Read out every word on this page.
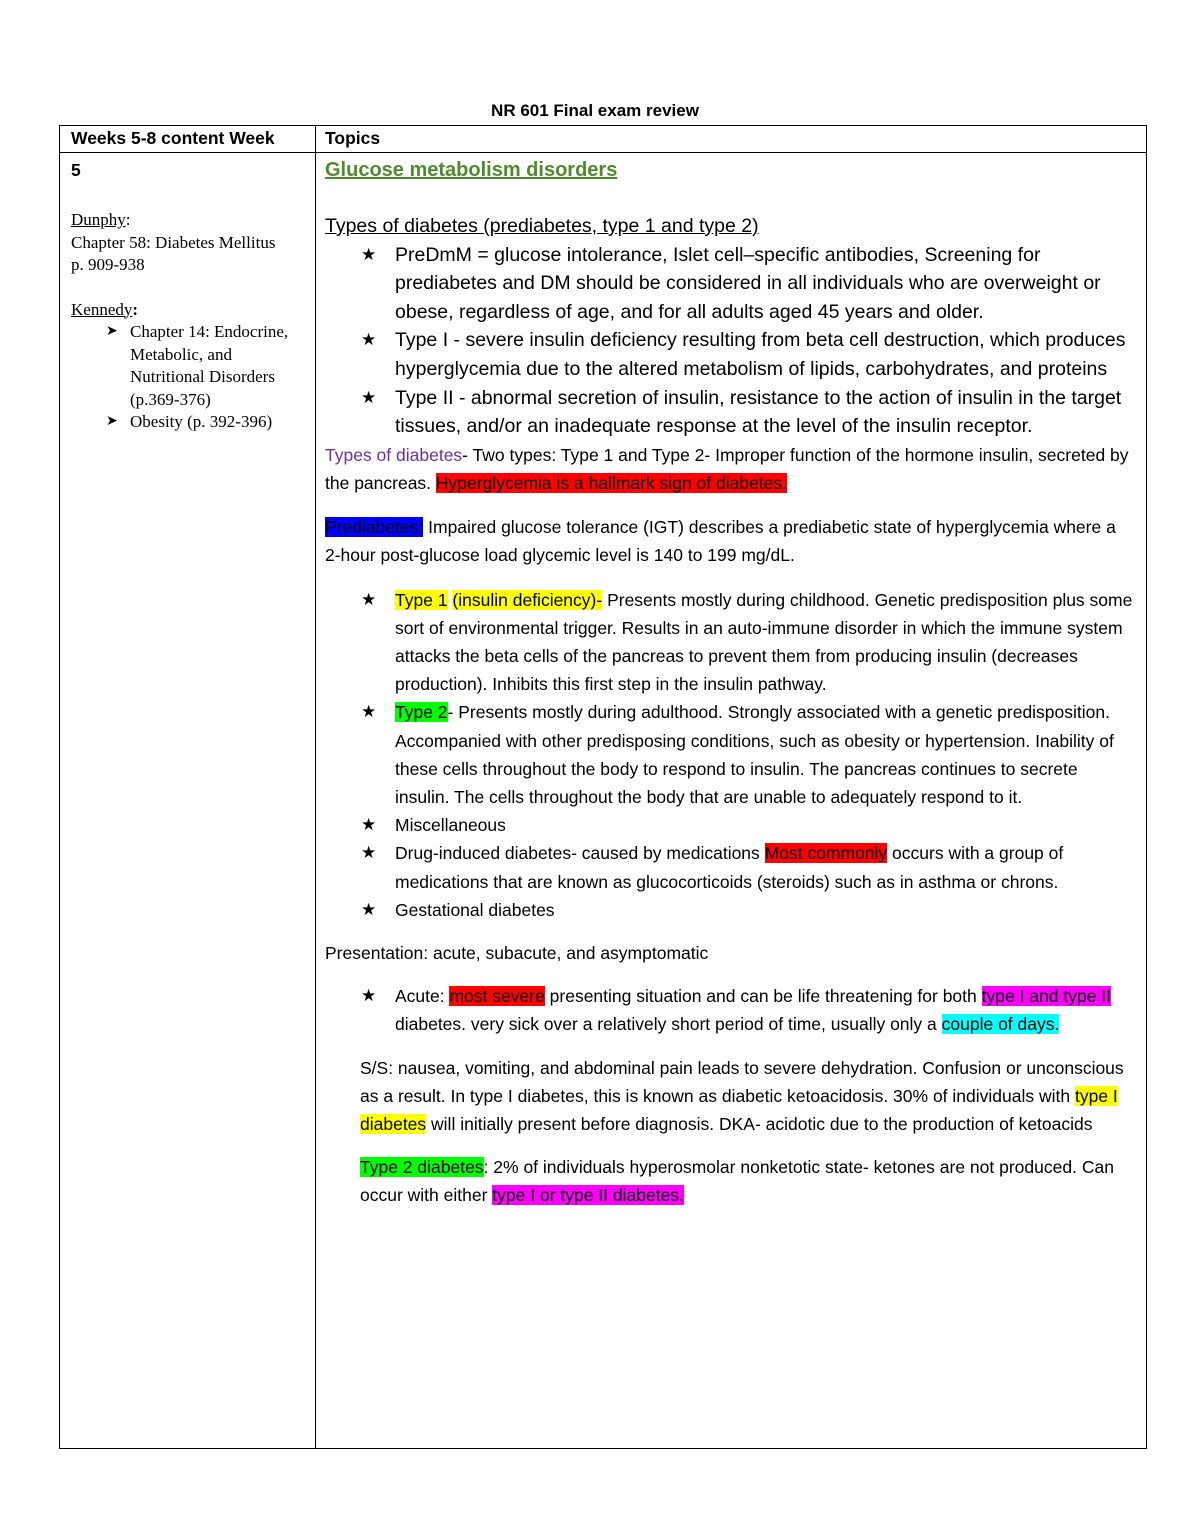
NR 601 Final exam review
Weeks 5-8 content Week	Topics
5
Dunphy:
Chapter 58: Diabetes Mellitus
p. 909-938
Kennedy:
➤ Chapter 14: Endocrine, Metabolic, and Nutritional Disorders (p.369-376)
➤ Obesity (p. 392-396)
Glucose metabolism disorders
Types of diabetes (prediabetes, type 1 and type 2)
★ PreDmM = glucose intolerance, Islet cell–specific antibodies, Screening for prediabetes and DM should be considered in all individuals who are overweight or obese, regardless of age, and for all adults aged 45 years and older.
★ Type I - severe insulin deficiency resulting from beta cell destruction, which produces hyperglycemia due to the altered metabolism of lipids, carbohydrates, and proteins
★ Type II - abnormal secretion of insulin, resistance to the action of insulin in the target tissues, and/or an inadequate response at the level of the insulin receptor.
Types of diabetes- Two types: Type 1 and Type 2- Improper function of the hormone insulin, secreted by the pancreas. Hyperglycemia is a hallmark sign of diabetes.
Prediabetes: Impaired glucose tolerance (IGT) describes a prediabetic state of hyperglycemia where a 2-hour post-glucose load glycemic level is 140 to 199 mg/dL.
★ Type 1 (insulin deficiency)- Presents mostly during childhood. Genetic predisposition plus some sort of environmental trigger. Results in an auto-immune disorder in which the immune system attacks the beta cells of the pancreas to prevent them from producing insulin (decreases production). Inhibits this first step in the insulin pathway.
★ Type 2- Presents mostly during adulthood. Strongly associated with a genetic predisposition. Accompanied with other predisposing conditions, such as obesity or hypertension. Inability of these cells throughout the body to respond to insulin. The pancreas continues to secrete insulin. The cells throughout the body that are unable to adequately respond to it.
★ Miscellaneous
★ Drug-induced diabetes- caused by medications Most commonly occurs with a group of medications that are known as glucocorticoids (steroids) such as in asthma or chrons.
★ Gestational diabetes
Presentation: acute, subacute, and asymptomatic
★ Acute: most severe presenting situation and can be life threatening for both type I and type II diabetes. very sick over a relatively short period of time, usually only a couple of days.
S/S: nausea, vomiting, and abdominal pain leads to severe dehydration. Confusion or unconscious as a result. In type I diabetes, this is known as diabetic ketoacidosis. 30% of individuals with type I diabetes will initially present before diagnosis. DKA- acidotic due to the production of ketoacids
Type 2 diabetes: 2% of individuals hyperosmolar nonketotic state- ketones are not produced. Can occur with either type I or type II diabetes.
